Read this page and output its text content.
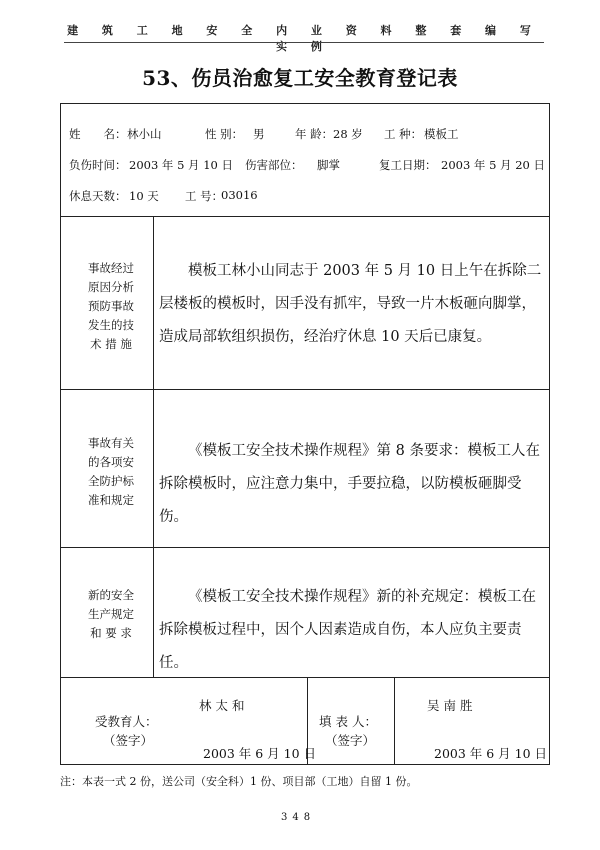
建 筑 工 地 安 全 内 业 资 料 整 套 编 写 实 例
53、伤员治愈复工安全教育登记表
姓　　名： 林小山	性 别： 男	年 龄： 28 岁 工 种： 模板工
负伤时间： 2003 年 5 月 10 日 伤害部位： 脚掌	复工日期： 2003 年 5 月 20 日
休息天数： 10 天 工 号：
03016
事故经过
原因分析
预防事故
发生的技
术 措 施
模板工林小山同志于 2003 年 5 月 10 日上午在拆除二层楼板的模板时，因手没有抓牢，导致一片木板砸向脚掌，造成局部软组织损伤，经治疗休息 10 天后已康复。
事故有关
的各项安
全防护标
准和规定
《模板工安全技术操作规程》第 8 条要求：模板工人在拆除模板时，应注意力集中，手要拉稳，以防模板砸脚受伤。
新的安全
生产规定
和 要 求
《模板工安全技术操作规程》新的补充规定：模板工在拆除模板过程中，因个人因素造成自伤，本人应负主要责任。
受教育人：
（签字）
林 太 和
2003 年 6 月 10 日
填 表 人：
（签字）
吴 南 胜
2003 年 6 月 10 日
注：本表一式 2 份，送公司（安全科）1 份、项目部（工地）自留 1 份。
348
